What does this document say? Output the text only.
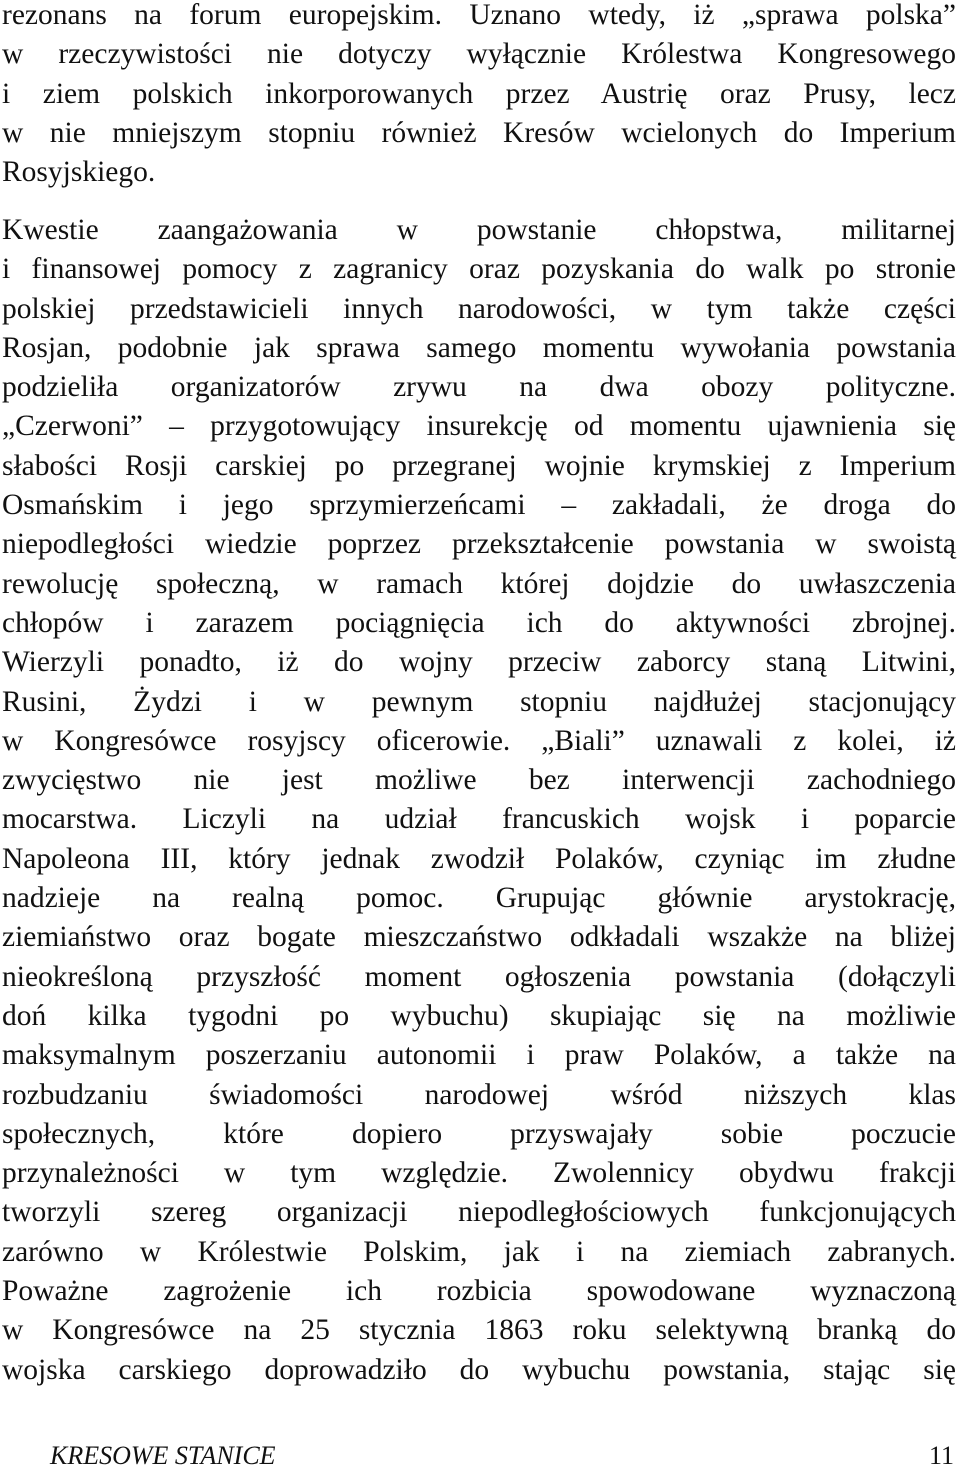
rezonans na forum europejskim. Uznano wtedy, iż „sprawa polska”
w rzeczywistości nie dotyczy wyłącznie Królestwa Kongresowego
i ziem polskich inkorporowanych przez Austrię oraz Prusy, lecz
w nie mniejszym stopniu również Kresów wcielonych do Imperium
Rosyjskiego.

Kwestie zaangażowania w powstanie chłopstwa, militarnej
i finansowej pomocy z zagranicy oraz pozyskania do walk po stronie
polskiej przedstawicieli innych narodowości, w tym także części
Rosjan, podobnie jak sprawa samego momentu wywołania powstania
podzieliła organizatorów zrywu na dwa obozy polityczne.
„Czerwoni” – przygotowujący insurekcję od momentu ujawnienia się
słabości Rosji carskiej po przegranej wojnie krymskiej z Imperium
Osmańskim i jego sprzymierzeńcami – zakładali, że droga do
niepodległości wiedzie poprzez przekształcenie powstania w swoistą
rewolucję społeczną, w ramach której dojdzie do uwłaszczenia
chłopów i zarazem pociągnięcia ich do aktywności zbrojnej.
Wierzyli ponadto, iż do wojny przeciw zaborcy staną Litwini,
Rusini, Żydzi i w pewnym stopniu najdłużej stacjonujący
w Kongresówce rosyjscy oficerowie. „Biali” uznawali z kolei, iż
zwycięstwo nie jest możliwe bez interwencji zachodniego
mocarstwa. Liczyli na udział francuskich wojsk i poparcie
Napoleona III, który jednak zwodził Polaków, czyniąc im złudne
nadzieje na realną pomoc. Grupując głównie arystokrację,
ziemiaństwo oraz bogate mieszczaństwo odkładali wszakże na bliżej
nieokreśloną przyszłość moment ogłoszenia powstania (dołączyli
doń kilka tygodni po wybuchu) skupiając się na możliwie
maksymalnym poszerzaniu autonomii i praw Polaków, a także na
rozbudzaniu świadomości narodowej wśród niższych klas
społecznych, które dopiero przyswajały sobie poczucie
przynależności w tym względzie. Zwolennicy obydwu frakcji
tworzyli szereg organizacji niepodległościowych funkcjonujących
zarówno w Królestwie Polskim, jak i na ziemiach zabranych.
Poważne zagrożenie ich rozbicia spowodowane wyznaczoną
w Kongresówce na 25 stycznia 1863 roku selektywną branką do
wojska carskiego doprowadziło do wybuchu powstania, stając się

KRESOWE STANICE	11
